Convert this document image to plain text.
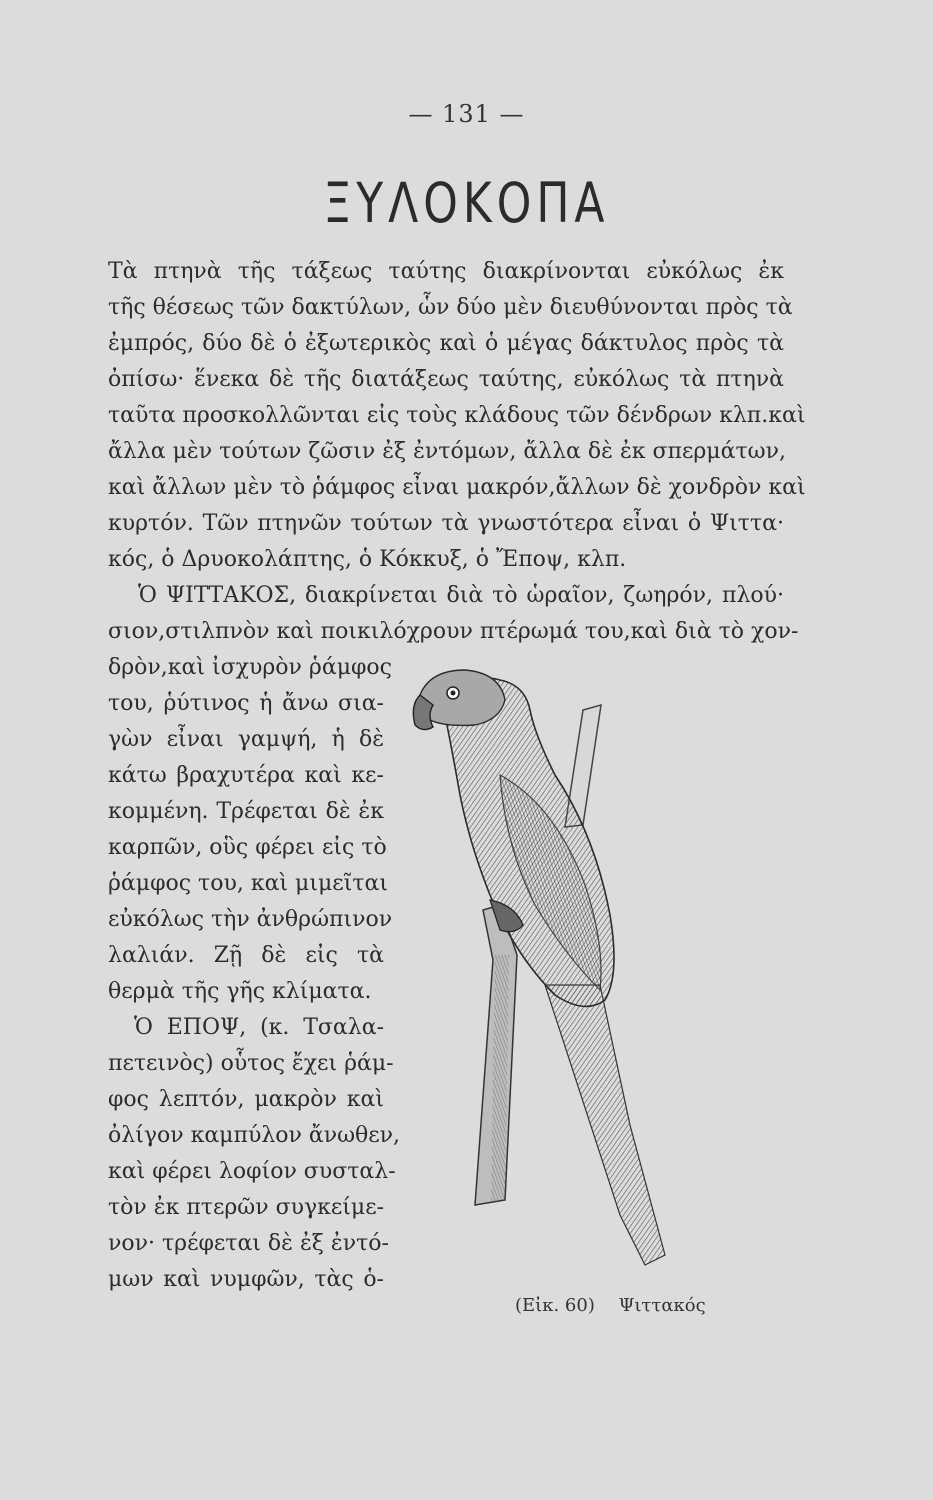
— 131 —
ΞΥΛΟΚΟΠΑ
Τὰ πτηνὰ τῆς τάξεως ταύτης διακρίνονται εὐκόλως ἐκ
τῆς θέσεως τῶν δακτύλων, ὧν δύο μὲν διευθύνονται πρὸς τὰ
ἐμπρός, δύο δὲ ὁ ἐξωτερικὸς καὶ ὁ μέγας δάκτυλος πρὸς τὰ
ὀπίσω· ἕνεκα δὲ τῆς διατάξεως ταύτης, εὐκόλως τὰ πτηνὰ
ταῦτα προσκολλῶνται εἰς τοὺς κλάδους τῶν δένδρων κλπ.καὶ
ἄλλα μὲν τούτων ζῶσιν ἐξ ἐντόμων, ἄλλα δὲ ἐκ σπερμάτων,
καὶ ἄλλων μὲν τὸ ῥάμφος εἶναι μακρόν,ἄλλων δὲ χονδρὸν καὶ
κυρτόν. Τῶν πτηνῶν τούτων τὰ γνωστότερα εἶναι ὁ Ψιττα·
κός, ὁ Δρυοκολάπτης, ὁ Κόκκυξ, ὁ Ἔποψ, κλπ.
Ὁ ΨΙΤΤΑΚΟΣ, διακρίνεται διὰ τὸ ὡραῖον, ζωηρόν, πλού·
σιον,στιλπνὸν καὶ ποικιλόχρουν πτέρωμά του,καὶ διὰ τὸ χον-
δρὸν,καὶ ἰσχυρὸν ῥάμφος
του, ῥύτινος ἡ ἄνω σια-
γὼν εἶναι γαμψή, ἡ δὲ
κάτω βραχυτέρα καὶ κε-
κομμένη. Τρέφεται δὲ ἐκ
καρπῶν, οὓς φέρει εἰς τὸ
ῥάμφος του, καὶ μιμεῖται
εὐκόλως τὴν ἀνθρώπινον
λαλιάν. Ζῇ δὲ εἰς τὰ
θερμὰ τῆς γῆς κλίματα.
Ὁ ΕΠΟΨ, (κ. Τσαλα-
πετεινὸς) οὗτος ἔχει ῥάμ-
φος λεπτόν, μακρὸν καὶ
ὀλίγον καμπύλον ἄνωθεν,
καὶ φέρει λοφίον συσταλ-
τὸν ἐκ πτερῶν συγκείμε-
νον· τρέφεται δὲ ἐξ ἐντό-
μων καὶ νυμφῶν, τὰς ὁ-
(Εἰκ. 60) Ψιττακός
